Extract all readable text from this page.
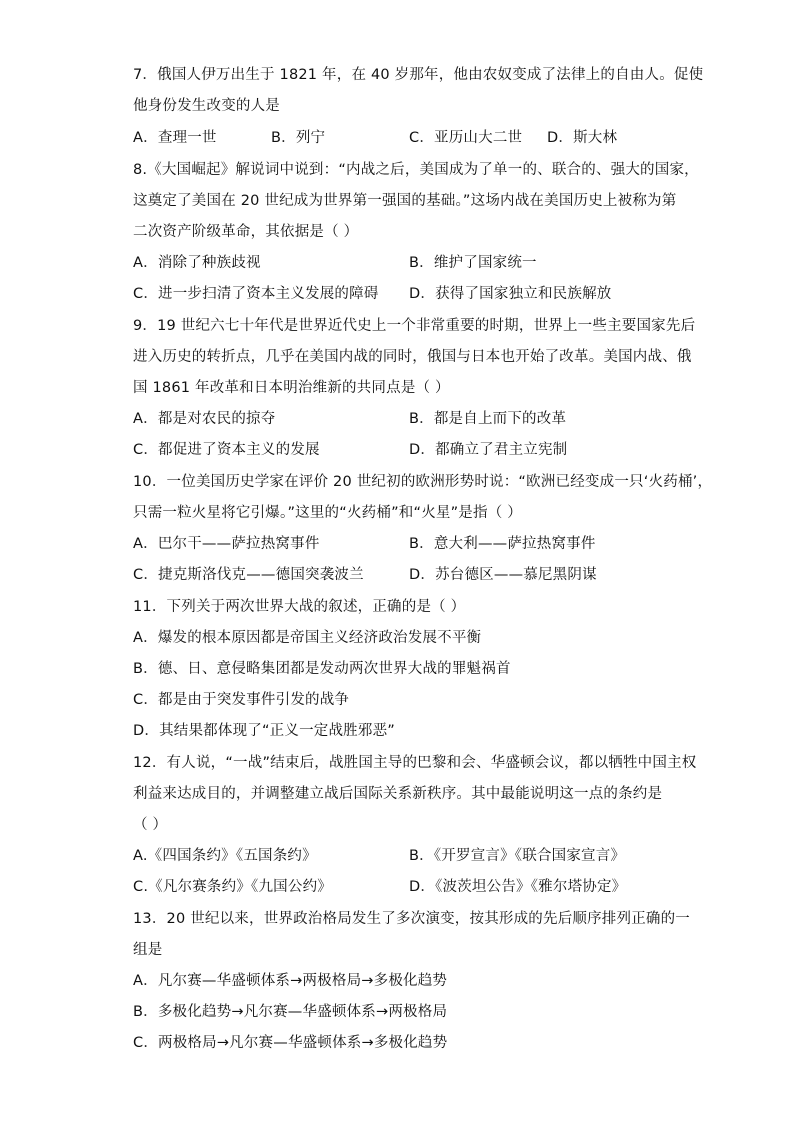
7．俄国人伊万出生于 1821 年，在 40 岁那年，他由农奴变成了法律上的自由人。促使
他身份发生改变的人是
A．查理一世	B．列宁	C．亚历山大二世 D．斯大林
8.《大国崛起》解说词中说到：“内战之后，美国成为了单一的、联合的、强大的国家，
这奠定了美国在 20 世纪成为世界第一强国的基础。”这场内战在美国历史上被称为第
二次资产阶级革命，其依据是（ ）
A．消除了种族歧视	B．维护了国家统一
C．进一步扫清了资本主义发展的障碍 D．获得了国家独立和民族解放
9．19 世纪六七十年代是世界近代史上一个非常重要的时期，世界上一些主要国家先后
进入历史的转折点，几乎在美国内战的同时，俄国与日本也开始了改革。美国内战、俄
国 1861 年改革和日本明治维新的共同点是（ ）
A．都是对农民的掠夺	B．都是自上而下的改革
C．都促进了资本主义的发展	D．都确立了君主立宪制
10．一位美国历史学家在评价 20 世纪初的欧洲形势时说：“欧洲已经变成一只‘火药桶’，
只需一粒火星将它引爆。”这里的“火药桶”和“火星”是指（ ）
A．巴尔干——萨拉热窝事件	B．意大利——萨拉热窝事件
C．捷克斯洛伐克——德国突袭波兰	D．苏台德区——慕尼黑阴谋
11．下列关于两次世界大战的叙述，正确的是（ ）
A．爆发的根本原因都是帝国主义经济政治发展不平衡
B．德、日、意侵略集团都是发动两次世界大战的罪魁祸首
C．都是由于突发事件引发的战争
D．其结果都体现了“正义一定战胜邪恶”
12．有人说，“一战”结束后，战胜国主导的巴黎和会、华盛顿会议，都以牺牲中国主权
利益来达成目的，并调整建立战后国际关系新秩序。其中最能说明这一点的条约是
（ ）
A.《四国条约》《五国条约》	B．《开罗宣言》《联合国家宣言》
C.《凡尔赛条约》《九国公约》	D．《波茨坦公告》《雅尔塔协定》
13．20 世纪以来，世界政治格局发生了多次演变，按其形成的先后顺序排列正确的一
组是
A．凡尔赛—华盛顿体系→两极格局→多极化趋势
B．多极化趋势→凡尔赛—华盛顿体系→两极格局
C．两极格局→凡尔赛—华盛顿体系→多极化趋势
